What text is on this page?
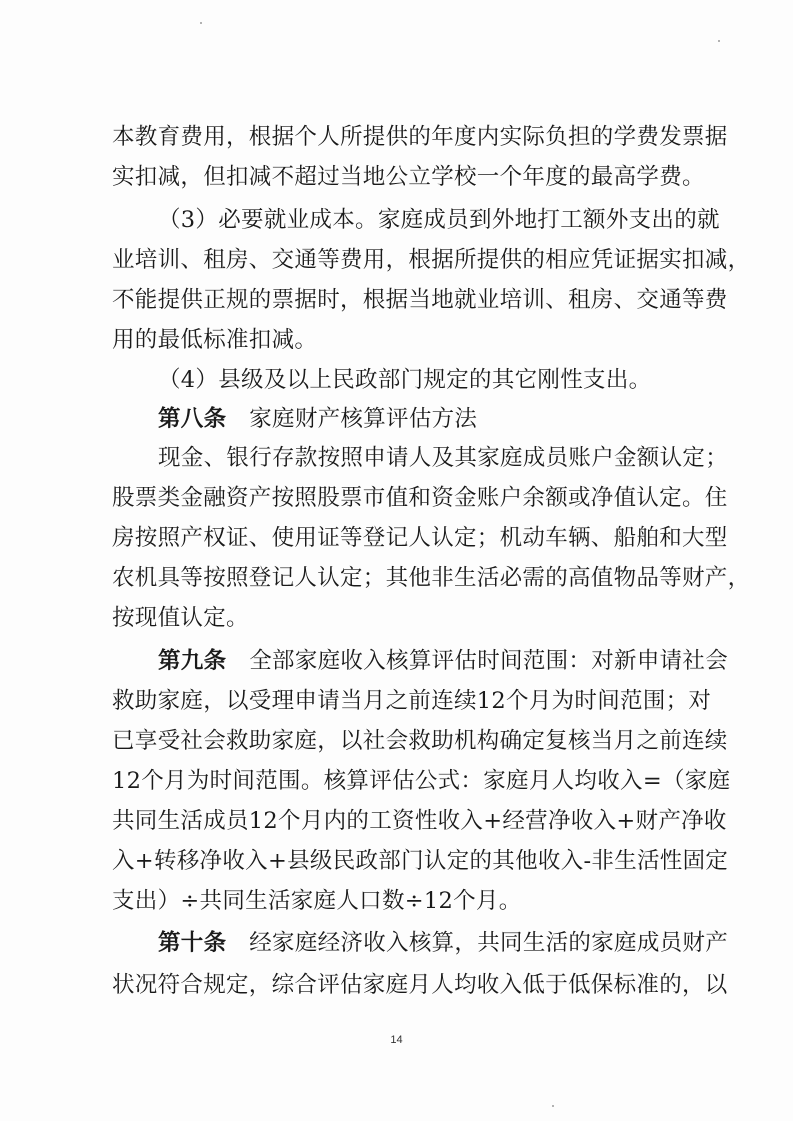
本教育费用，根据个人所提供的年度内实际负担的学费发票据
实扣减，但扣减不超过当地公立学校一个年度的最高学费。
（3）必要就业成本。家庭成员到外地打工额外支出的就
业培训、租房、交通等费用，根据所提供的相应凭证据实扣减，
不能提供正规的票据时，根据当地就业培训、租房、交通等费
用的最低标准扣减。
（4）县级及以上民政部门规定的其它刚性支出。
第八条　 家庭财产核算评估方法
现金、银行存款按照申请人及其家庭成员账户金额认定；
股票类金融资产按照股票市值和资金账户余额或净值认定。住
房按照产权证、使用证等登记人认定；机动车辆、船舶和大型
农机具等按照登记人认定；其他非生活必需的高值物品等财产，
按现值认定。
第九条　 全部家庭收入核算评估时间范围：对新申请社会
救助家庭，以受理申请当月之前连续12个月为时间范围；对
已享受社会救助家庭，以社会救助机构确定复核当月之前连续
12个月为时间范围。核算评估公式：家庭月人均收入=（家庭
共同生活成员12个月内的工资性收入+经营净收入+财产净收
入+转移净收入+县级民政部门认定的其他收入-非生活性固定
支出）÷共同生活家庭人口数÷12个月。
第十条　 经家庭经济收入核算，共同生活的家庭成员财产
状况符合规定，综合评估家庭月人均收入低于低保标准的，以
14
